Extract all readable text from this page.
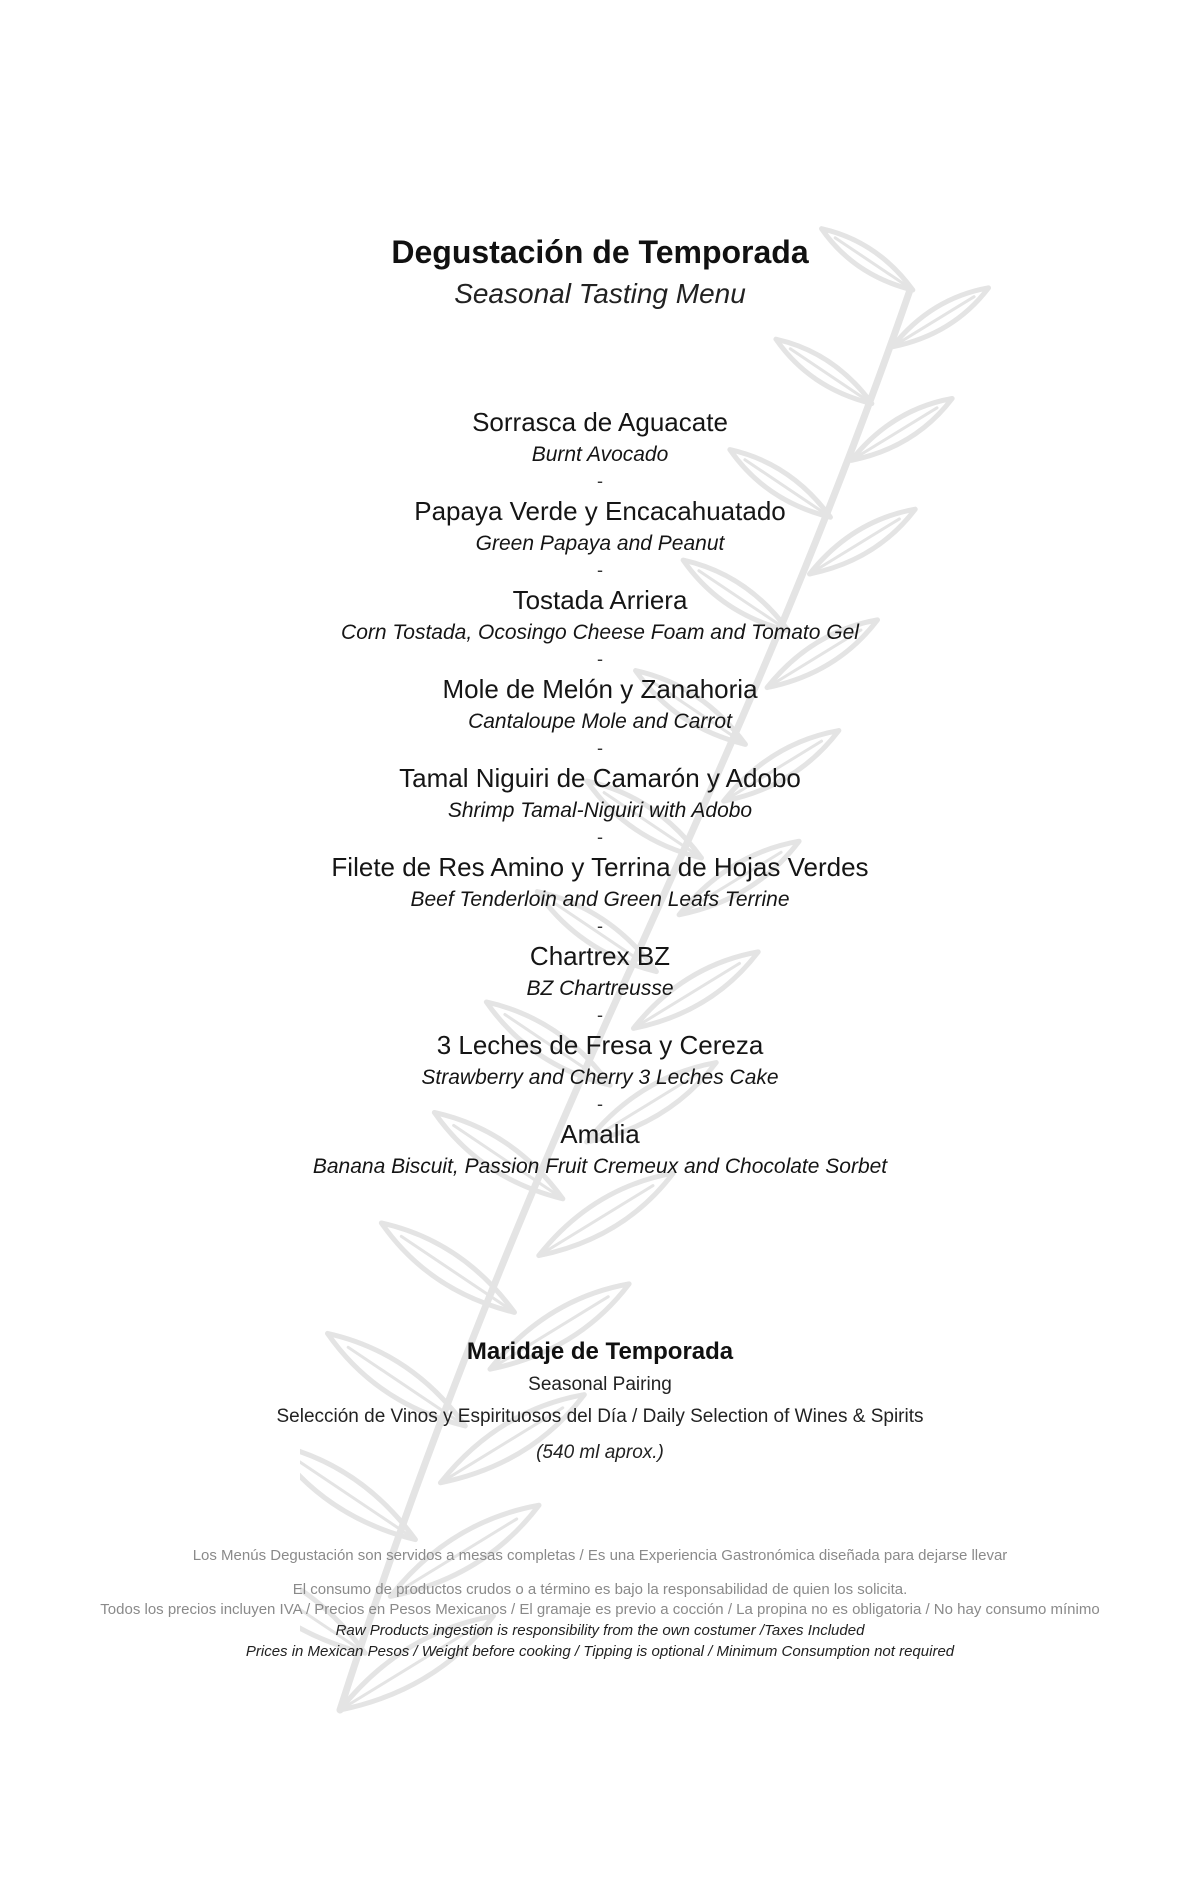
Degustación de Temporada
Seasonal Tasting Menu
Sorrasca de Aguacate
Burnt Avocado
-
Papaya Verde y Encacahuatado
Green Papaya and Peanut
-
Tostada Arriera
Corn Tostada, Ocosingo Cheese Foam and Tomato Gel
-
Mole de Melón y Zanahoria
Cantaloupe Mole and Carrot
-
Tamal Niguiri de Camarón y Adobo
Shrimp Tamal-Niguiri with Adobo
-
Filete de Res Amino y Terrina de Hojas Verdes
Beef Tenderloin and Green Leafs Terrine
-
Chartrex BZ
BZ Chartreusse
-
3 Leches de Fresa y Cereza
Strawberry and Cherry 3 Leches Cake
-
Amalia
Banana Biscuit, Passion Fruit Cremeux and Chocolate Sorbet
Maridaje de Temporada
Seasonal Pairing
Selección de Vinos y Espirituosos del Día / Daily Selection of Wines & Spirits
(540 ml aprox.)
Los Menús Degustación son servidos a mesas completas / Es una Experiencia Gastronómica diseñada para dejarse llevar
El consumo de productos crudos o a término es bajo la responsabilidad de quien los solicita.
Todos los precios incluyen IVA / Precios en Pesos Mexicanos / El gramaje es previo a cocción / La propina no es obligatoria / No hay consumo mínimo
Raw Products ingestion is responsibility from the own costumer /Taxes Included
Prices in Mexican Pesos / Weight before cooking / Tipping is optional / Minimum Consumption not required
